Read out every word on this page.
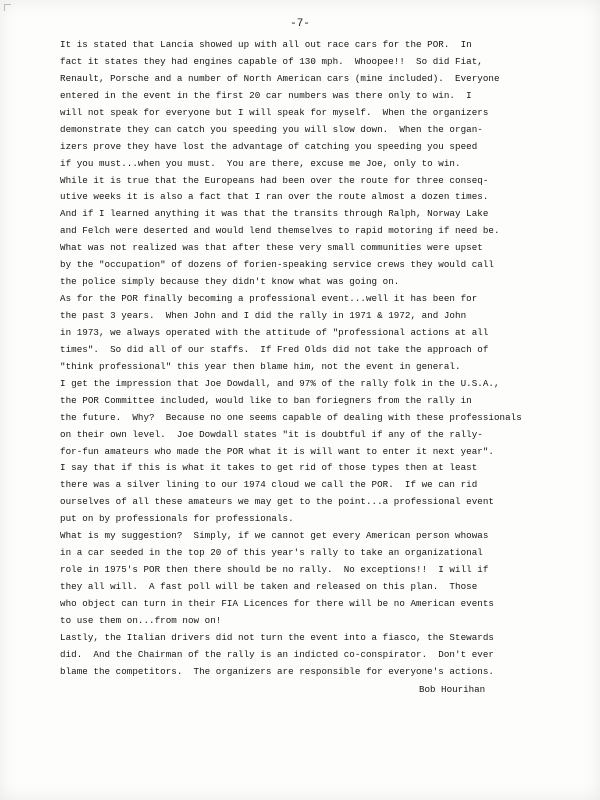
-7-
It is stated that Lancia showed up with all out race cars for the POR.  In
fact it states they had engines capable of 130 mph.  Whoopee!!  So did Fiat,
Renault, Porsche and a number of North American cars (mine included).  Everyone
entered in the event in the first 20 car numbers was there only to win.  I
will not speak for everyone but I will speak for myself.  When the organizers
demonstrate they can catch you speeding you will slow down.  When the organ-
izers prove they have lost the advantage of catching you speeding you speed
if you must...when you must.  You are there, excuse me Joe, only to win.
While it is true that the Europeans had been over the route for three conseq-
utive weeks it is also a fact that I ran over the route almost a dozen times.
And if I learned anything it was that the transits through Ralph, Norway Lake
and Felch were deserted and would lend themselves to rapid motoring if need be.
What was not realized was that after these very small communities were upset
by the "occupation" of dozens of forien-speaking service crews they would call
the police simply because they didn't know what was going on.
As for the POR finally becoming a professional event...well it has been for
the past 3 years.  When John and I did the rally in 1971 & 1972, and John
in 1973, we always operated with the attitude of "professional actions at all
times".  So did all of our staffs.  If Fred Olds did not take the approach of
"think professional" this year then blame him, not the event in general.
I get the impression that Joe Dowdall, and 97% of the rally folk in the U.S.A.,
the POR Committee included, would like to ban foriegners from the rally in
the future.  Why?  Because no one seems capable of dealing with these professionals
on their own level.  Joe Dowdall states "it is doubtful if any of the rally-
for-fun amateurs who made the POR what it is will want to enter it next year".
I say that if this is what it takes to get rid of those types then at least
there was a silver lining to our 1974 cloud we call the POR.  If we can rid
ourselves of all these amateurs we may get to the point...a professional event
put on by professionals for professionals.
What is my suggestion?  Simply, if we cannot get every American person whowas
in a car seeded in the top 20 of this year's rally to take an organizational
role in 1975's POR then there should be no rally.  No exceptions!!  I will if
they all will.  A fast poll will be taken and released on this plan.  Those
who object can turn in their FIA Licences for there will be no American events
to use them on...from now on!
Lastly, the Italian drivers did not turn the event into a fiasco, the Stewards
did.  And the Chairman of the rally is an indicted co-conspirator.  Don't ever
blame the competitors.  The organizers are responsible for everyone's actions.
Bob Hourihan
